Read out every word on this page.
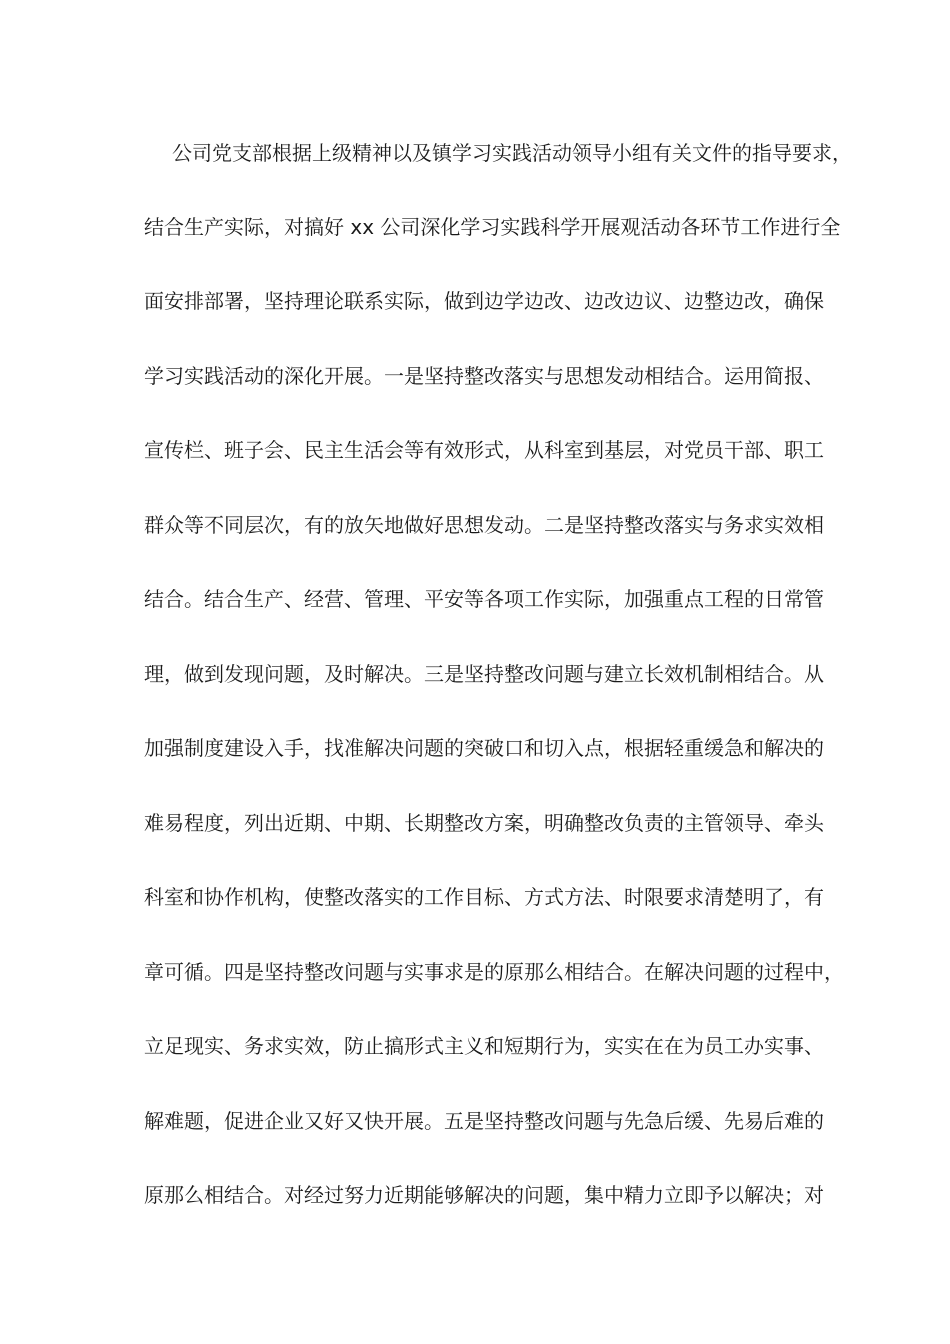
公司党支部根据上级精神以及镇学习实践活动领导小组有关文件的指导要求，
结合生产实际，对搞好 xx 公司深化学习实践科学开展观活动各环节工作进行全
面安排部署，坚持理论联系实际，做到边学边改、边改边议、边整边改，确保
学习实践活动的深化开展。一是坚持整改落实与思想发动相结合。运用简报、
宣传栏、班子会、民主生活会等有效形式，从科室到基层，对党员干部、职工
群众等不同层次，有的放矢地做好思想发动。二是坚持整改落实与务求实效相
结合。结合生产、经营、管理、平安等各项工作实际，加强重点工程的日常管
理，做到发现问题，及时解决。三是坚持整改问题与建立长效机制相结合。从
加强制度建设入手，找准解决问题的突破口和切入点，根据轻重缓急和解决的
难易程度，列出近期、中期、长期整改方案，明确整改负责的主管领导、牵头
科室和协作机构，使整改落实的工作目标、方式方法、时限要求清楚明了，有
章可循。四是坚持整改问题与实事求是的原那么相结合。在解决问题的过程中，
立足现实、务求实效，防止搞形式主义和短期行为，实实在在为员工办实事、
解难题，促进企业又好又快开展。五是坚持整改问题与先急后缓、先易后难的
原那么相结合。对经过努力近期能够解决的问题，集中精力立即予以解决；对
